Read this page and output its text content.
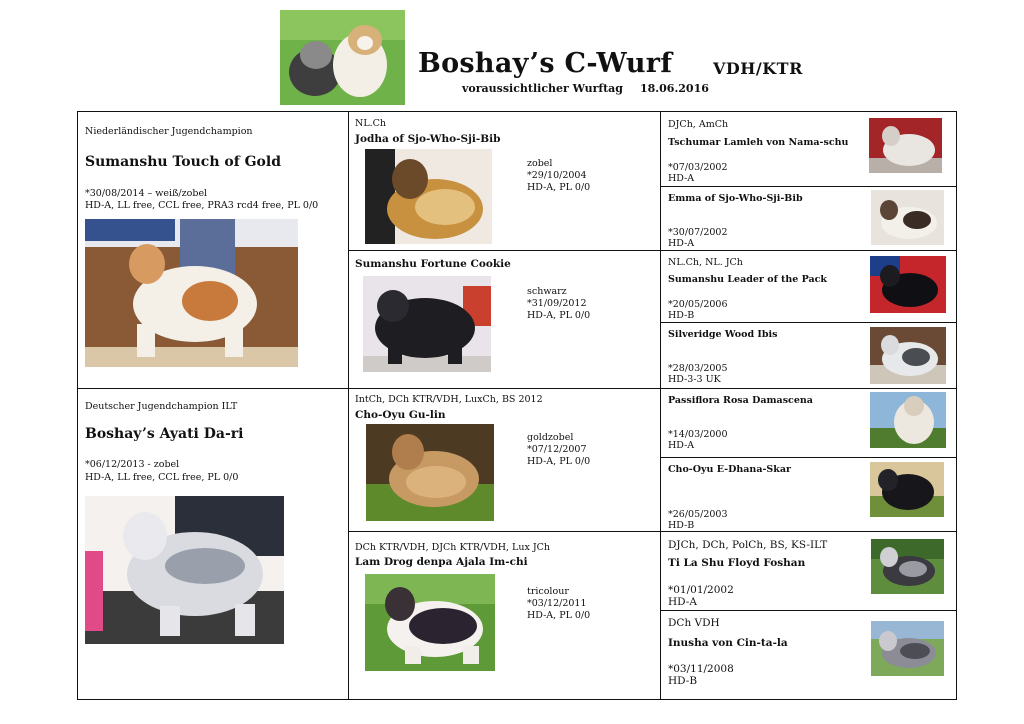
Boshay’s C-Wurf	VDH/KTR
voraussichtlicher Wurftag 18.06.2016
Niederländischer Jugendchampion
Sumanshu Touch of Gold
*30/08/2014 – weiß/zobel
HD-A, LL free, CCL free, PRA3 rcd4 free, PL 0/0
Deutscher Jugendchampion ILT
Boshay’s Ayati Da-ri
*06/12/2013 - zobel
HD-A, LL free, CCL free, PL 0/0
NL.Ch
Jodha of Sjo-Who-Sji-Bib
zobel
*29/10/2004
HD-A, PL 0/0
Sumanshu Fortune Cookie
schwarz
*31/09/2012
HD-A, PL 0/0
IntCh, DCh KTR/VDH, LuxCh, BS 2012
Cho-Oyu Gu-lin
goldzobel
*07/12/2007
HD-A, PL 0/0
DCh KTR/VDH, DJCh KTR/VDH, Lux JCh
Lam Drog denpa Ajala Im-chi
tricolour
*03/12/2011
HD-A, PL 0/0
DJCh, AmCh
Tschumar Lamleh von Nama-schu
*07/03/2002
HD-A
Emma of Sjo-Who-Sji-Bib
*30/07/2002
HD-A
NL.Ch, NL. JCh
Sumanshu Leader of the Pack
*20/05/2006
HD-B
Silveridge Wood Ibis
*28/03/2005
HD-3-3 UK
Passiflora Rosa Damascena
*14/03/2000
HD-A
Cho-Oyu E-Dhana-Skar
*26/05/2003
HD-B
DJCh, DCh, PolCh, BS, KS-ILT
Ti La Shu Floyd Foshan
*01/01/2002
HD-A
DCh VDH
Inusha von Cin-ta-la
*03/11/2008
HD-B
